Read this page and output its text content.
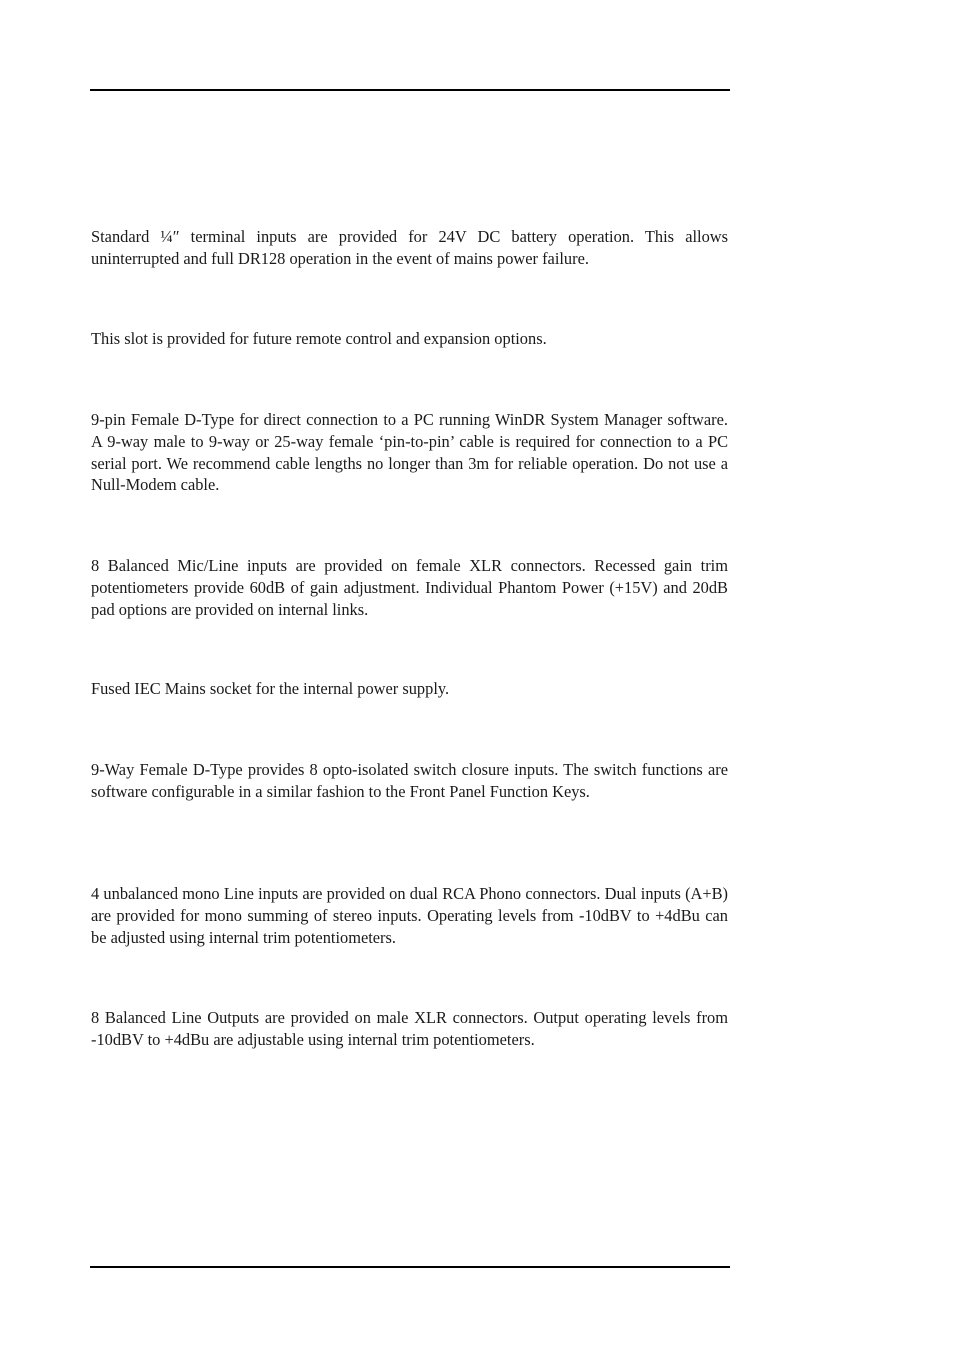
Standard ¼″ terminal inputs are provided for 24V DC battery operation. This allows uninterrupted and full DR128 operation in the event of mains power failure.

This slot is provided for future remote control and expansion options.

9-pin Female D-Type for direct connection to a PC running WinDR System Manager software. A 9-way male to 9-way or 25-way female ‘pin-to-pin’ cable is required for connection to a PC serial port. We recommend cable lengths no longer than 3m for reliable operation. Do not use a Null-Modem cable.

8 Balanced Mic/Line inputs are provided on female XLR connectors. Recessed gain trim potentiometers provide 60dB of gain adjustment. Individual Phantom Power (+15V) and 20dB pad options are provided on internal links.

Fused IEC Mains socket for the internal power supply.

9-Way Female D-Type provides 8 opto-isolated switch closure inputs. The switch functions are software configurable in a similar fashion to the Front Panel Function Keys.

4 unbalanced mono Line inputs are provided on dual RCA Phono connectors. Dual inputs (A+B) are provided for mono summing of stereo inputs. Operating levels from -10dBV to +4dBu can be adjusted using internal trim potentiometers.

8 Balanced Line Outputs are provided on male XLR connectors. Output operating levels from -10dBV to +4dBu are adjustable using internal trim potentiometers.
